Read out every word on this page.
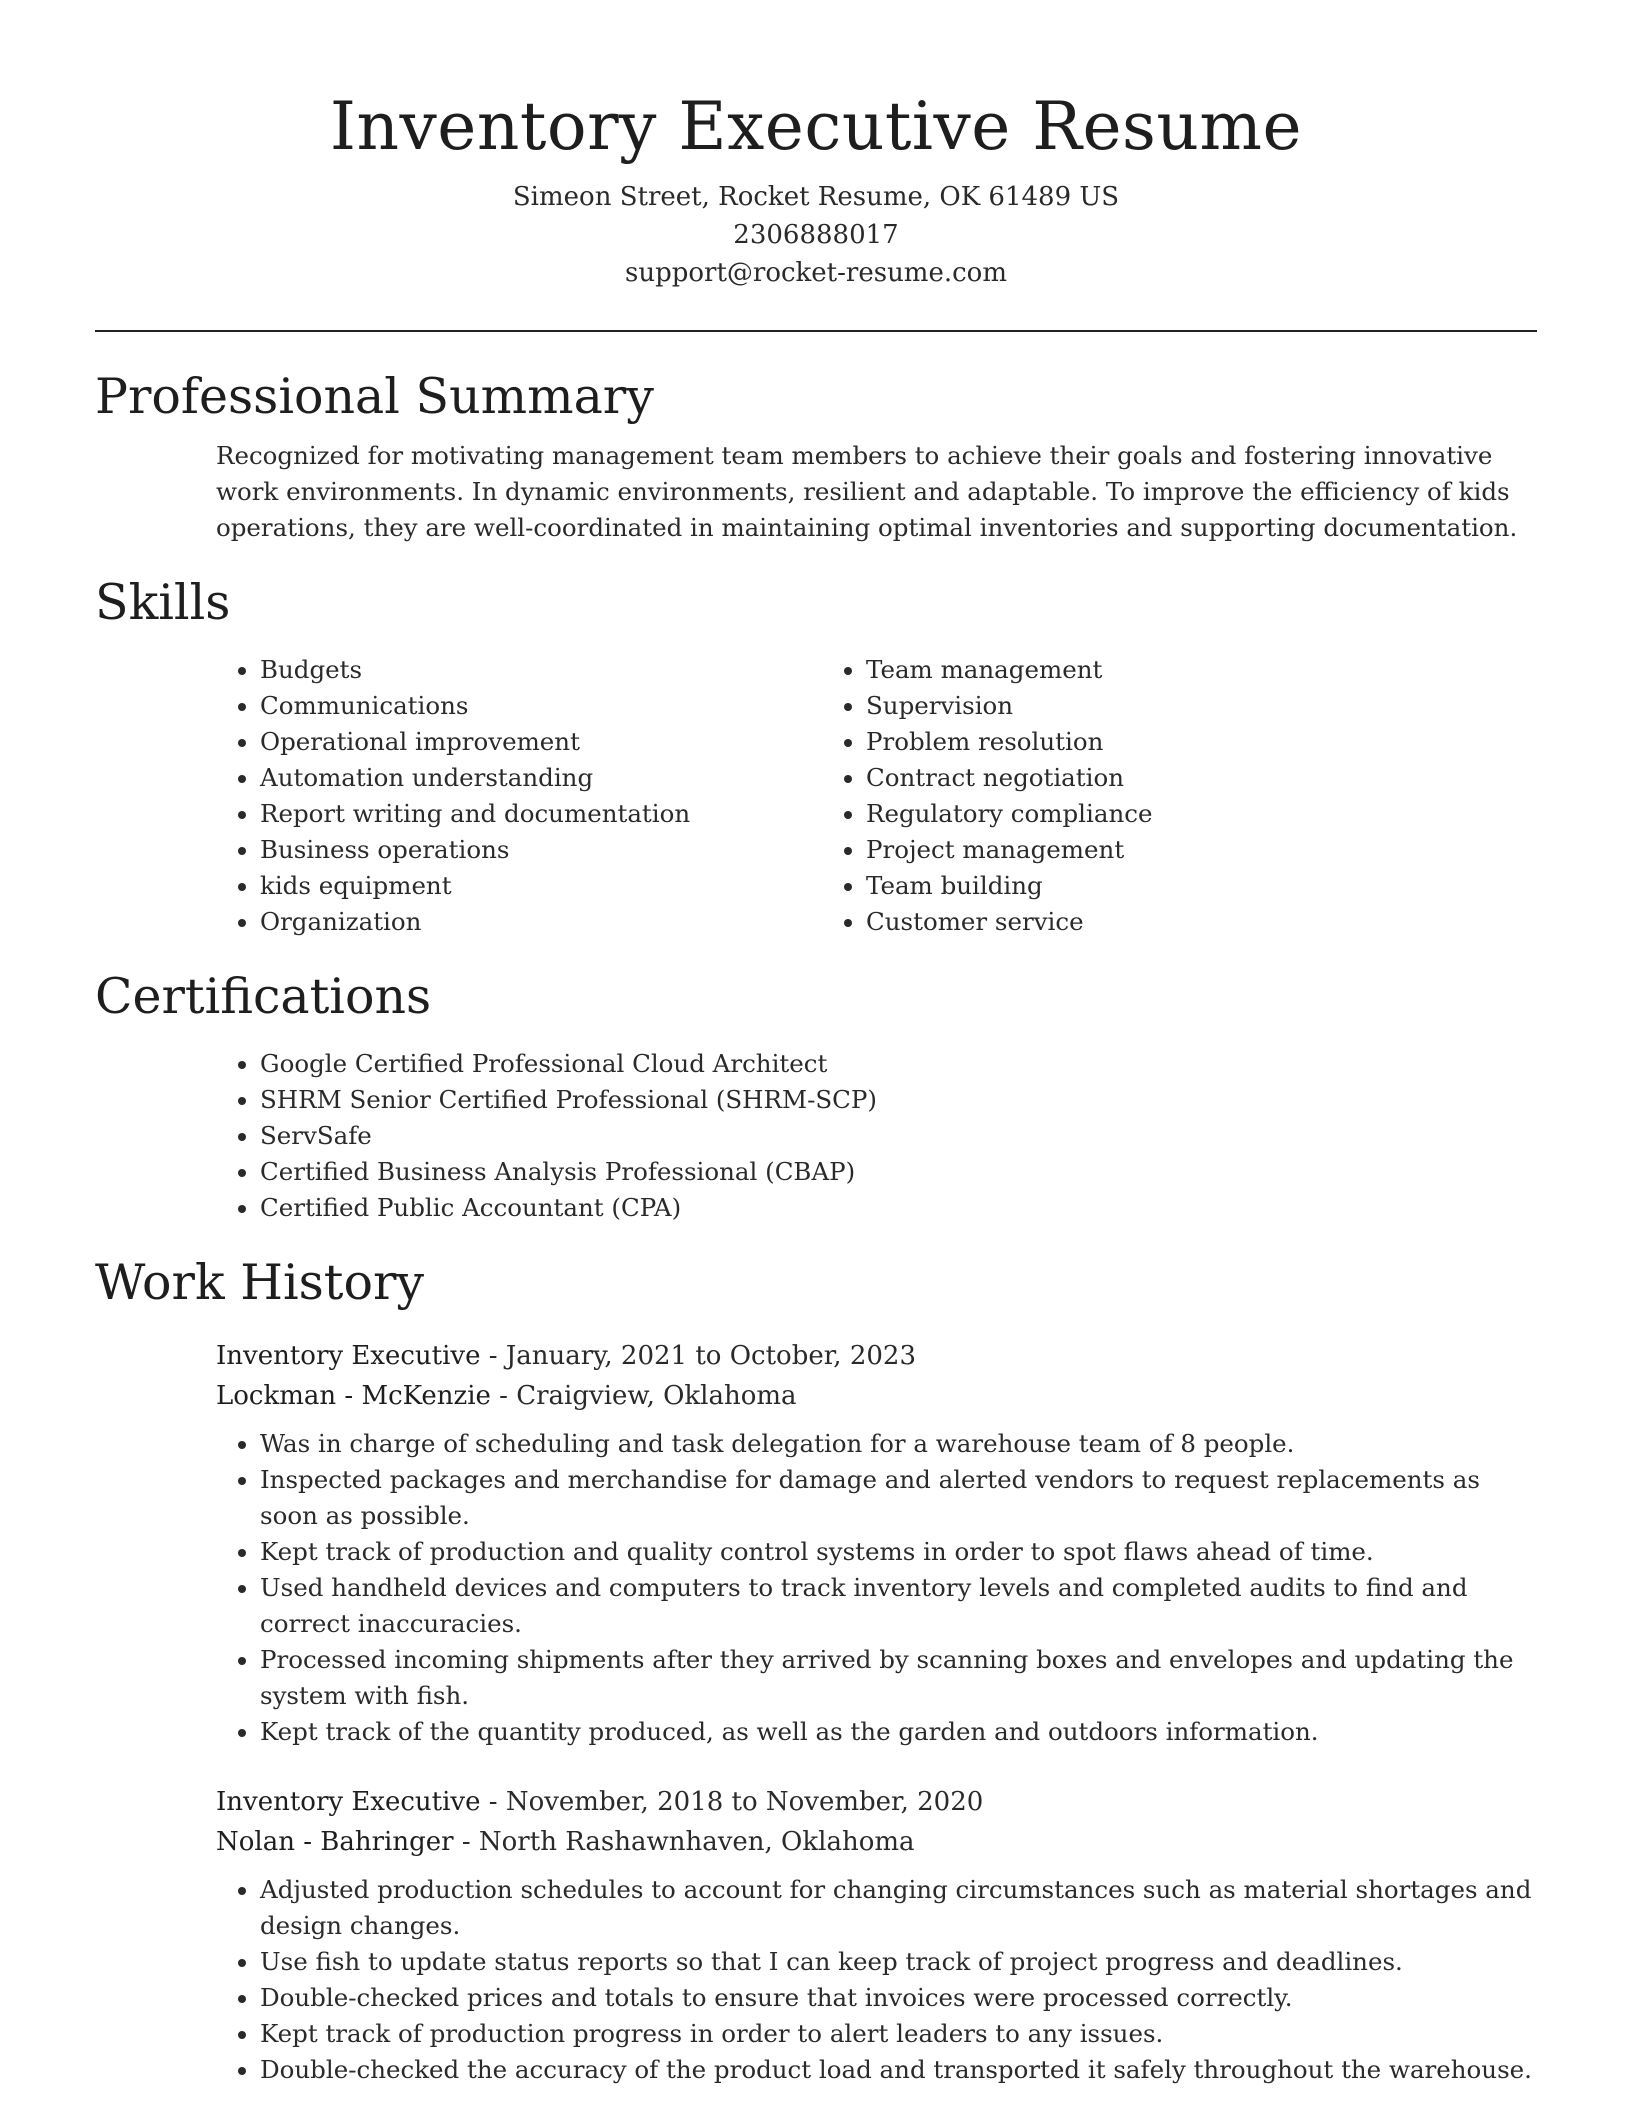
Inventory Executive Resume
Simeon Street, Rocket Resume, OK 61489 US
2306888017
support@rocket-resume.com
Professional Summary

Recognized for motivating management team members to achieve their goals and fostering innovative work environments. In dynamic environments, resilient and adaptable. To improve the efficiency of kids operations, they are well-coordinated in maintaining optimal inventories and supporting documentation.

Skills
• Budgets
• Communications
• Operational improvement
• Automation understanding
• Report writing and documentation
• Business operations
• kids equipment
• Organization
• Team management
• Supervision
• Problem resolution
• Contract negotiation
• Regulatory compliance
• Project management
• Team building
• Customer service
Certifications
• Google Certified Professional Cloud Architect
• SHRM Senior Certified Professional (SHRM-SCP)
• ServSafe
• Certified Business Analysis Professional (CBAP)
• Certified Public Accountant (CPA)
Work History
Inventory Executive - January, 2021 to October, 2023
Lockman - McKenzie - Craigview, Oklahoma
• Was in charge of scheduling and task delegation for a warehouse team of 8 people.
• Inspected packages and merchandise for damage and alerted vendors to request replacements as soon as possible.
• Kept track of production and quality control systems in order to spot flaws ahead of time.
• Used handheld devices and computers to track inventory levels and completed audits to find and correct inaccuracies.
• Processed incoming shipments after they arrived by scanning boxes and envelopes and updating the system with fish.
• Kept track of the quantity produced, as well as the garden and outdoors information.
Inventory Executive - November, 2018 to November, 2020
Nolan - Bahringer - North Rashawnhaven, Oklahoma
• Adjusted production schedules to account for changing circumstances such as material shortages and design changes.
• Use fish to update status reports so that I can keep track of project progress and deadlines.
• Double-checked prices and totals to ensure that invoices were processed correctly.
• Kept track of production progress in order to alert leaders to any issues.
• Double-checked the accuracy of the product load and transported it safely throughout the warehouse.
